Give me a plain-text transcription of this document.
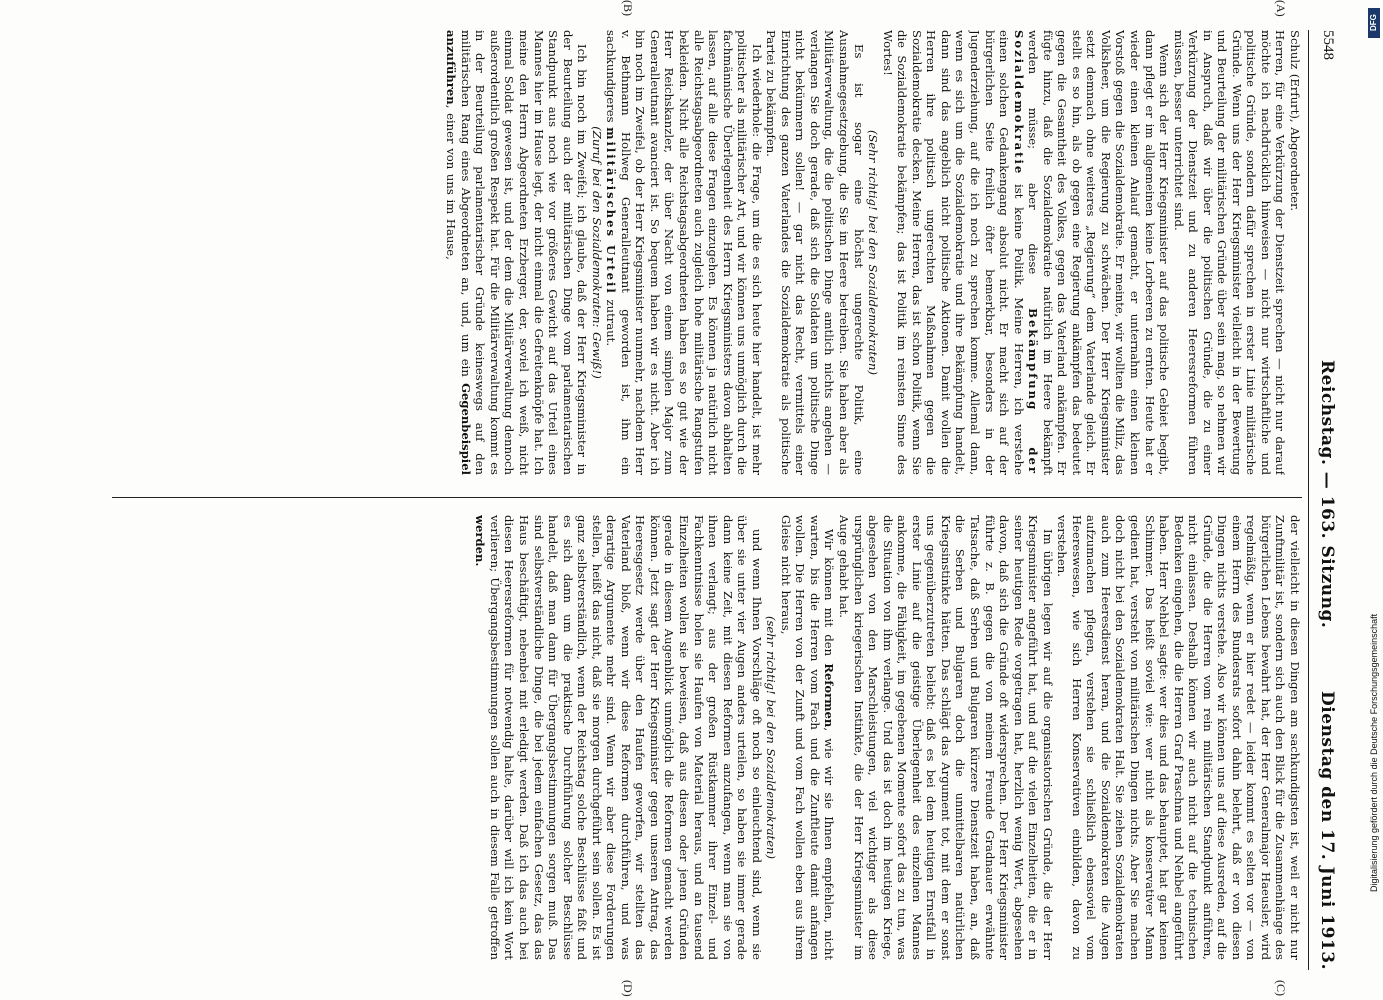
5548
Reichstag. — 163. Sitzung.
Dienstag den 17. Juni 1913.
(A)
(B)
(C)
(D)

Schulz (Erfurt), Abgeordneter.

Herren, für eine Verkürzung der Dienstzeit sprechen — nicht nur darauf möchte ich nachdrücklich hinweisen — nicht nur wirtschaftliche und politische Gründe, sondern dafür sprechen in erster Linie militärische Gründe. Wenn uns der Herr Kriegsminister vielleicht in der Bewertung und Beurteilung der militärischen Gründe über sein mag, so nehmen wir in Anspruch, daß wir über die politischen Gründe, die zu einer Verkürzung der Dienstzeit und zu anderen Heeresreformen führen müssen, besser unterrichtet sind.

Wenn sich der Herr Kriegsminister auf das politische Gebiet begibt, dann pflegt er im allgemeinen keine Lorbeeren zu ernten. Heute hat er wieder einen kleinen Anlauf gemacht, er unternahm einen kleinen Vorstoß gegen die Sozialdemokratie. Er meinte, wir wollten die Miliz, das Volksheer, um die Regierung zu schwächen. Der Herr Kriegsminister setzt demnach ohne weiteres „Regierung“ dem Vaterlande gleich. Er stellt es so hin, als ob gegen eine Regierung ankämpfen das bedeutet gegen die Gesamtheit des Volkes, gegen das Vaterland ankämpfen. Er fügte hinzu, daß die Sozialdemokratie natürlich im Heere bekämpft werden müsse; aber diese Bekämpfung der Sozialdemokratie ist keine Politik. Meine Herren, ich verstehe einen solchen Gedankengang absolut nicht. Er macht sich auf der bürgerlichen Seite freilich öfter bemerkbar, besonders in der Jugenderziehung, auf die ich noch zu sprechen komme. Allemal dann, wenn es sich um die Sozialdemokratie und ihre Bekämpfung handelt, dann sind das angeblich nicht politische Aktionen. Damit wollen die Herren ihre politisch ungerechten Maßnahmen gegen die Sozialdemokratie decken. Meine Herren, das ist schon Politik, wenn Sie die Sozialdemokratie bekämpfen; das ist Politik im reinsten Sinne des Wortes!

(Sehr richtig! bei den Sozialdemokraten)

Es ist sogar eine höchst ungerechte Politik, eine Ausnahmegesetzgebung, die Sie im Heere betreiben. Sie haben aber als Militärverwaltung, die die politischen Dinge amtlich nichts angehen — verlangen Sie doch gerade, daß sich die Soldaten um politische Dinge nicht bekümmern sollen! — gar nicht das Recht, vermittels einer Einrichtung des ganzen Vaterlandes die Sozialdemokratie als politische Partei zu bekämpfen.

Ich wiederhole: die Frage, um die es sich heute hier handelt, ist mehr politischer als militärischer Art, und wir können uns unmöglich durch die fachmännische Überlegenheit des Herrn Kriegsministers davon abhalten lassen, auf alle diese Fragen einzugehen. Es können ja natürlich nicht alle Reichstagsabgeordneten auch zugleich hohe militärische Rangstufen bekleiden. Nicht alle Reichstagsabgeordneten haben es so gut wie der Herr Reichskanzler, der über Nacht von einem simplen Major zum Generalleutnant avanciert ist. So bequem haben wir es nicht. Aber ich bin noch im Zweifel, ob der Herr Kriegsminister nunmehr, nachdem Herr v. Bethmann Hollweg Generalleutnant geworden ist, ihm ein sachkundigeres militärisches Urteil zutraut.

(Zuruf bei den Sozialdemokraten: Gewiß!)

Ich bin noch im Zweifel; ich glaube, daß der Herr Kriegsminister in der Beurteilung auch der militärischen Dinge vom parlamentarischen Standpunkt aus noch wie vor größeres Gewicht auf das Urteil eines Mannes hier im Hause legt, der nicht einmal die Gefreitenknöpfe hat. Ich meine den Herrn Abgeordneten Erzberger, der, soviel ich weiß, nicht einmal Soldat gewesen ist, und der dem die Militärverwaltung dennoch außerordentlich großen Respekt hat. Für die Militärverwaltung kommt es in der Beurteilung parlamentarischer Gründe keineswegs auf den militärischen Rang eines Abgeordneten an, und, um ein Gegenbeispiel anzuführen, einer von uns im Hause,

der vielleicht in diesen Dingen am sachkundigsten ist, weil er nicht nur Zunftmilitär ist, sondern sich auch den Blick für die Zusammenhänge des bürgerlichen Lebens bewahrt hat, der Herr Generalmajor Haeusler, wird regelmäßig, wenn er hier redet — leider kommt es selten vor — von einem Herrn des Bundesrats sofort dahin belehrt, daß er von diesen Dingen nichts verstehe. Also wir können uns auf diese Ausreden, auf die Gründe, die die Herren vom rein militärischen Standpunkt anführen, nicht einlassen. Deshalb können wir auch nicht auf die technischen Bedenken eingehen, die die Herren Graf Praschma und Nehbel angeführt haben. Herr Nehbel sagte: wer dies und das behauptet, hat gar keinen Schimmer. Das heißt soviel wie: wer nicht als konservativer Mann gedient hat, versteht von militärischen Dingen nichts. Aber Sie machen doch nicht bei den Sozialdemokraten Halt. Sie ziehen Sozialdemokraten auch zum Heeresdienst heran, und die Sozialdemokraten die Augen aufzumachen pflegen, verstehen sie schließlich ebensoviel vom Heereswesen, wie sich Herren Konservativen einbilden, davon zu verstehen.

Im übrigen legen wir auf die organisatorischen Gründe, die der Herr Kriegsminister angeführt hat, und auf die vielen Einzelheiten, die er in seiner heutigen Rede vorgetragen hat, herzlich wenig Wert, abgesehen davon, daß sich die Gründe oft widersprechen. Der Herr Kriegsminister führte z. B. gegen die von meinem Freunde Gradnauer erwähnte Tatsache, daß Serben und Bulgaren kürzere Dienstzeit haben, an, daß die Serben und Bulgaren doch die unmittelbaren natürlichen Kriegsinstinkte hätten. Das schlägt das Argument tot, mit dem er sonst uns gegenüberzutreten beliebt: daß es bei dem heutigen Ernstfall in erster Linie auf die geistige Überlegenheit des einzelnen Mannes ankomme, die Fähigkeit, im gegebenen Momente sofort das zu tun, was die Situation von ihm verlange. Und das ist doch im heutigen Kriege, abgesehen von den Marschleistungen, viel wichtiger als diese ursprünglichen kriegerischen Instinkte, die der Herr Kriegsminister im Auge gehabt hat.

Wir können mit den Reformen, wie wir sie Ihnen empfehlen, nicht warten, bis die Herren vom Fach und die Zunftleute damit anfangen wollen. Die Herren von der Zunft und vom Fach wollen eben aus ihrem Gleise nicht heraus,

(sehr richtig! bei den Sozialdemokraten)

und wenn Ihnen Vorschläge oft noch so einleuchtend sind, wenn sie über sie unter vier Augen anders urteilen, so haben sie immer gerade dann keine Zeit, mit diesen Reformen anzufangen, wenn man sie von ihnen verlangt; aus der großen Rüstkammer ihrer Einzel- und Fachkenntnisse holen sie Haufen von Material heraus, und an tausend Einzelheiten wollen sie beweisen, daß aus diesen oder jenen Gründen gerade in diesem Augenblick unmöglich die Reformen gemacht werden können. Jetzt sagt der Herr Kriegsminister gegen unseren Antrag, das Heeresgesetz werde über den Haufen geworfen, wir stellten das Vaterland bloß, wenn wir diese Reformen durchführen, und was derartige Argumente mehr sind. Wenn wir aber diese Forderungen stellen, heißt das nicht, daß sie morgen durchgeführt sein sollen. Es ist ganz selbstverständlich, wenn der Reichstag solche Beschlüsse faßt und es sich dann um die praktische Durchführung solcher Beschlüsse handelt, daß man dann für Übergangsbestimmungen sorgen muß. Das sind selbstverständliche Dinge, die bei jedem einfachen Gesetz, das das Haus beschäftigt, nebenbei mit erledigt werden. Daß ich das auch bei diesen Heeresreformen für notwendig halte, darüber will ich kein Wort verlieren; Übergangsbestimmungen sollen auch in diesem Falle getroffen werden.

DFG
Digitalisierung gefördert durch die Deutsche Forschungsgemeinschaft
